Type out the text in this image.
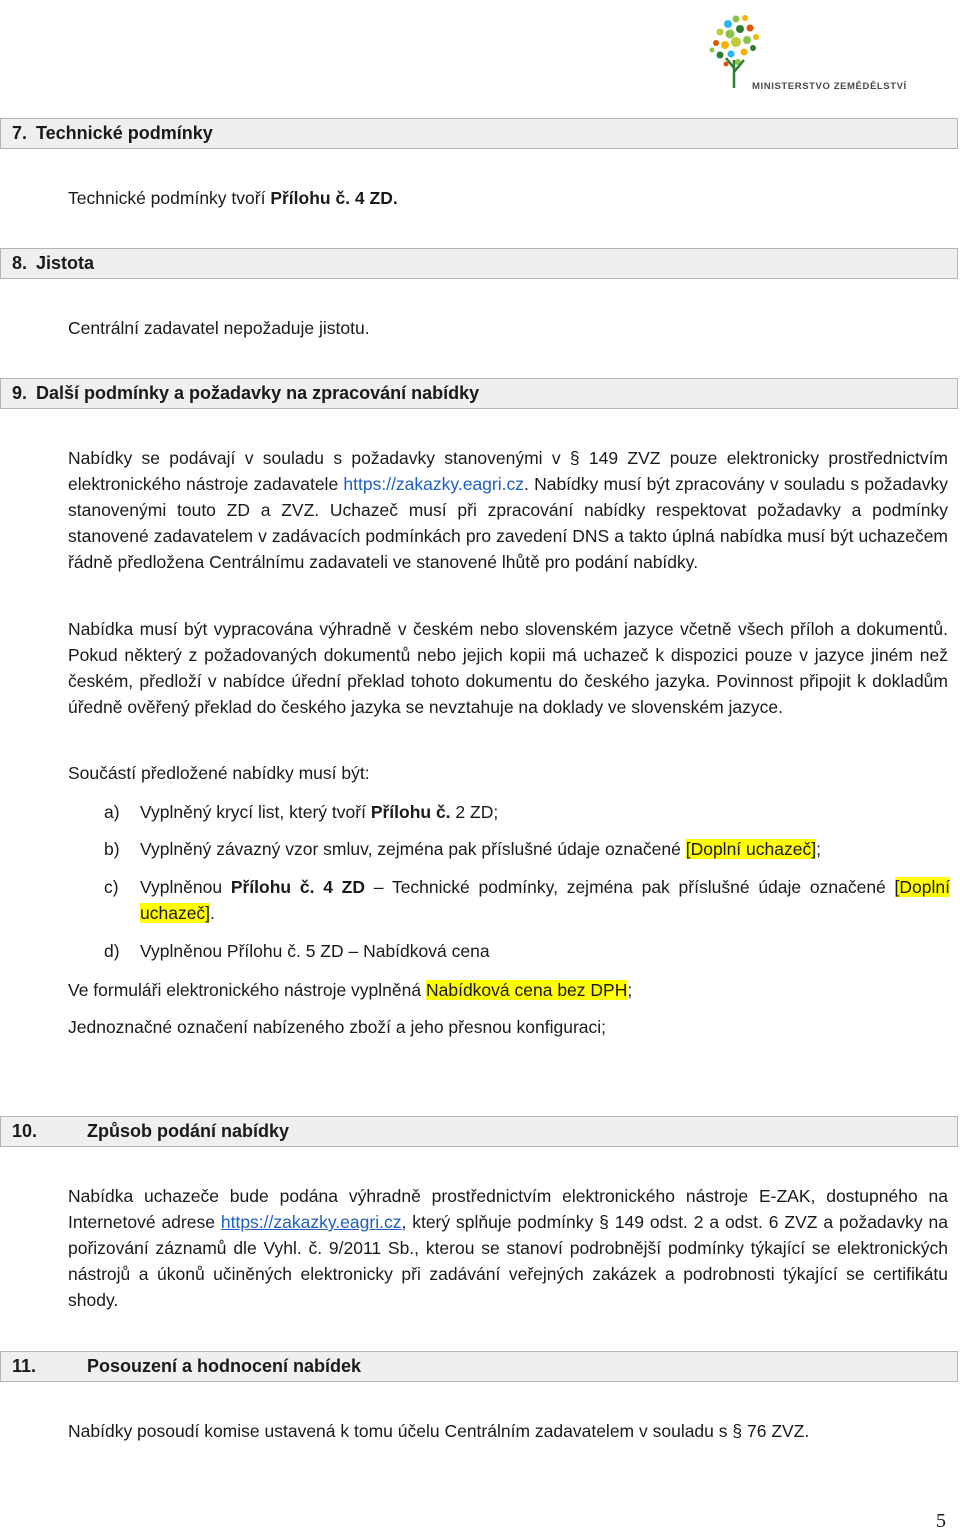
MINISTERSTVO ZEMĚDĚLSTVÍ
7. Technické podmínky
Technické podmínky tvoří Přílohu č. 4 ZD.
8. Jistota
Centrální zadavatel nepožaduje jistotu.
9. Další podmínky a požadavky na zpracování nabídky
Nabídky se podávají v souladu s požadavky stanovenými v § 149 ZVZ pouze elektronicky prostřednictvím elektronického nástroje zadavatele https://zakazky.eagri.cz. Nabídky musí být zpracovány v souladu s požadavky stanovenými touto ZD a ZVZ. Uchazeč musí při zpracování nabídky respektovat požadavky a podmínky stanovené zadavatelem v zadávacích podmínkách pro zavedení DNS a takto úplná nabídka musí být uchazečem řádně předložena Centrálnímu zadavateli ve stanovené lhůtě pro podání nabídky.
Nabídka musí být vypracována výhradně v českém nebo slovenském jazyce včetně všech příloh a dokumentů. Pokud některý z požadovaných dokumentů nebo jejich kopii má uchazeč k dispozici pouze v jazyce jiném než českém, předloží v nabídce úřední překlad tohoto dokumentu do českého jazyka. Povinnost připojit k dokladům úředně ověřený překlad do českého jazyka se nevztahuje na doklady ve slovenském jazyce.
Součástí předložené nabídky musí být:
a) Vyplněný krycí list, který tvoří Přílohu č. 2 ZD;
b) Vyplněný závazný vzor smluv, zejména pak příslušné údaje označené [Doplní uchazeč];
c) Vyplněnou Přílohu č. 4 ZD – Technické podmínky, zejména pak příslušné údaje označené [Doplní uchazeč].
d) Vyplněnou Přílohu č. 5 ZD – Nabídková cena
Ve formuláři elektronického nástroje vyplněná Nabídková cena bez DPH;
Jednoznačné označení nabízeného zboží a jeho přesnou konfiguraci;
10.	Způsob podání nabídky
Nabídka uchazeče bude podána výhradně prostřednictvím elektronického nástroje E-ZAK, dostupného na Internetové adrese https://zakazky.eagri.cz, který splňuje podmínky § 149 odst. 2 a odst. 6 ZVZ a požadavky na pořizování záznamů dle Vyhl. č. 9/2011 Sb., kterou se stanoví podrobnější podmínky týkající se elektronických nástrojů a úkonů učiněných elektronicky při zadávání veřejných zakázek a podrobnosti týkající se certifikátu shody.
11.	Posouzení a hodnocení nabídek
Nabídky posoudí komise ustavená k tomu účelu Centrálním zadavatelem v souladu s § 76 ZVZ.
5
